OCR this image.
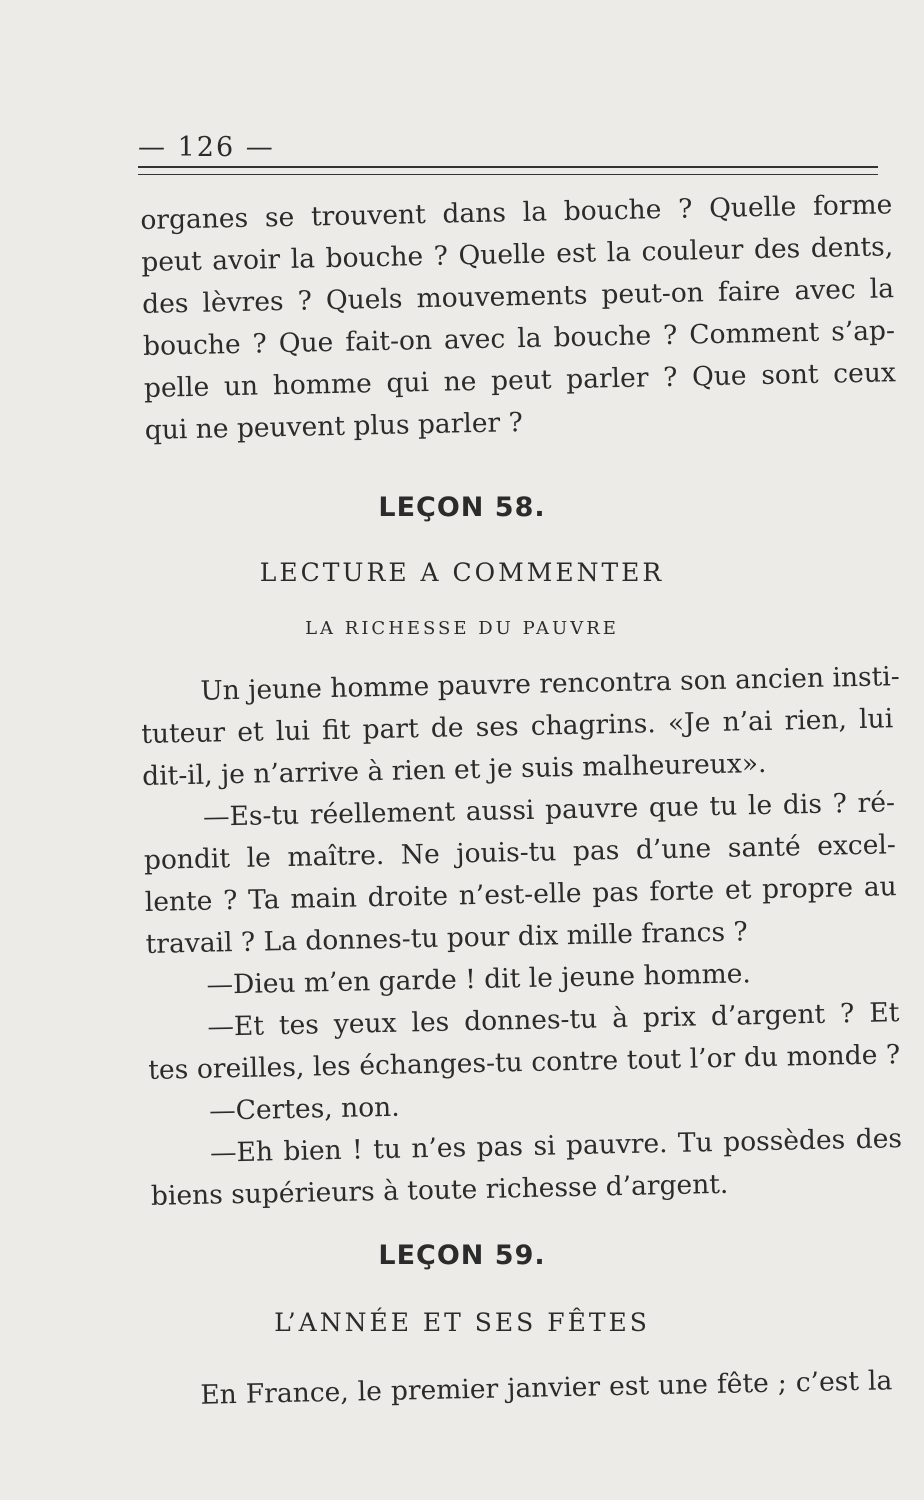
— 126 —
organes se trouvent dans la bouche ? Quelle forme
peut avoir la bouche ? Quelle est la couleur des dents,
des lèvres ? Quels mouvements peut-on faire avec la
bouche ? Que fait-on avec la bouche ? Comment s’ap-
pelle un homme qui ne peut parler ? Que sont ceux
qui ne peuvent plus parler ?
LEÇON 58.
LECTURE A COMMENTER
LA RICHESSE DU PAUVRE
Un jeune homme pauvre rencontra son ancien insti-
tuteur et lui fit part de ses chagrins. «Je n’ai rien, lui
dit-il, je n’arrive à rien et je suis malheureux».
—Es-tu réellement aussi pauvre que tu le dis ? ré-
pondit le maître. Ne jouis-tu pas d’une santé excel-
lente ? Ta main droite n’est-elle pas forte et propre au
travail ? La donnes-tu pour dix mille francs ?
—Dieu m’en garde ! dit le jeune homme.
—Et tes yeux les donnes-tu à prix d’argent ? Et
tes oreilles, les échanges-tu contre tout l’or du monde ?
—Certes, non.
—Eh bien ! tu n’es pas si pauvre. Tu possèdes des
biens supérieurs à toute richesse d’argent.
LEÇON 59.
L’ANNÉE ET SES FÊTES
En France, le premier janvier est une fête ; c’est la
